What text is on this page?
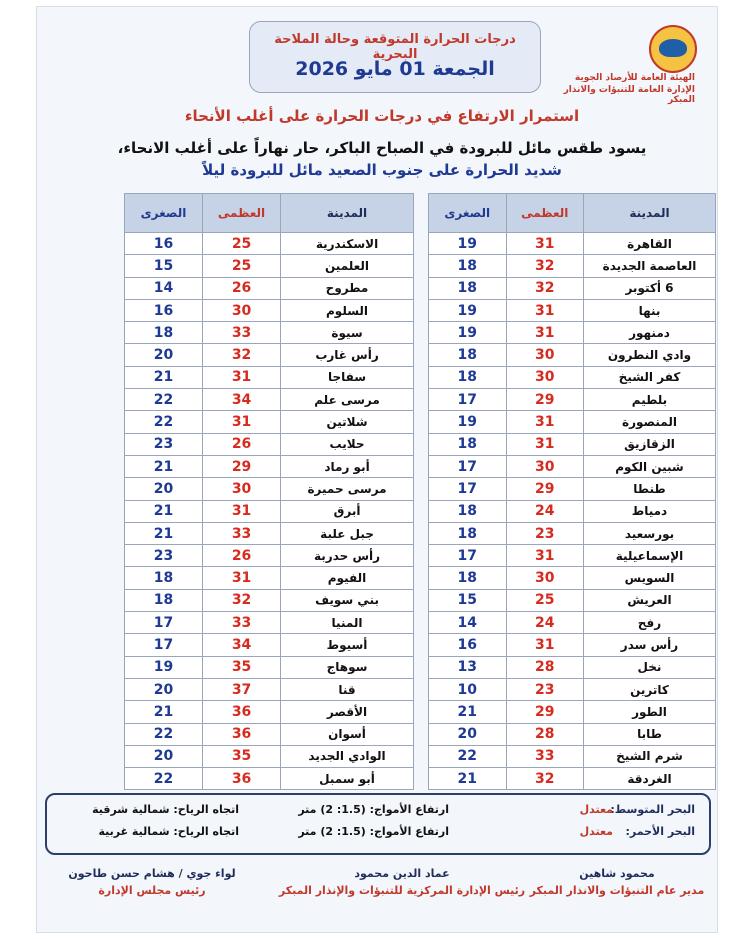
درجات الحرارة المتوقعة وحالة الملاحة البحرية
الجمعة 01 مايو 2026	الهيئة العامة للأرصاد الجوية
الإدارة العامة للتنبؤات والانذار المبكر
استمرار الارتفاع في درجات الحرارة على أغلب الأنحاء
يسود طقس مائل للبرودة في الصباح الباكر، حار نهاراً على أغلب الانحاء،
شديد الحرارة على جنوب الصعيد مائل للبرودة ليلاً
المدينة	العظمى	الصغرى
القاهرة	31	19
العاصمة الجديدة	32	18
6 أكتوبر	32	18
بنها	31	19
دمنهور	31	19
وادي النطرون	30	18
كفر الشيخ	30	18
بلطيم	29	17
المنصورة	31	19
الزقازيق	31	18
شبين الكوم	30	17
طنطا	29	17
دمياط	24	18
بورسعيد	23	18
الإسماعيلية	31	17
السويس	30	18
العريش	25	15
رفح	24	14
رأس سدر	31	16
نخل	28	13
كاترين	23	10
الطور	29	21
طابا	28	20
شرم الشيخ	33	22
الغردقة	32	21
المدينة	العظمى	الصغرى
الاسكندرية	25	16
العلمين	25	15
مطروح	26	14
السلوم	30	16
سيوة	33	18
رأس غارب	32	20
سفاجا	31	21
مرسى علم	34	22
شلاتين	31	22
حلايب	26	23
أبو رماد	29	21
مرسى حميرة	30	20
أبرق	31	21
جبل علبة	33	21
رأس حدربة	26	23
الفيوم	31	18
بني سويف	32	18
المنيا	33	17
أسيوط	34	17
سوهاج	35	19
قنا	37	20
الأقصر	36	21
أسوان	36	22
الوادي الجديد	35	20
أبو سمبل	36	22
البحر المتوسط:
معتدل
ارتفاع الأمواج: (1.5: 2) متر
اتجاه الرياح: شمالية شرقية
البحر الأحمر:
معتدل
ارتفاع الأمواج: (1.5: 2) متر
اتجاه الرياح: شمالية غربية
محمود شاهين
مدير عام التنبؤات والانذار المبكر
عماد الدين محمود
رئيس الإدارة المركزية للتنبؤات والإنذار المبكر
لواء جوي / هشام حسن طاحون
رئيس مجلس الإدارة
